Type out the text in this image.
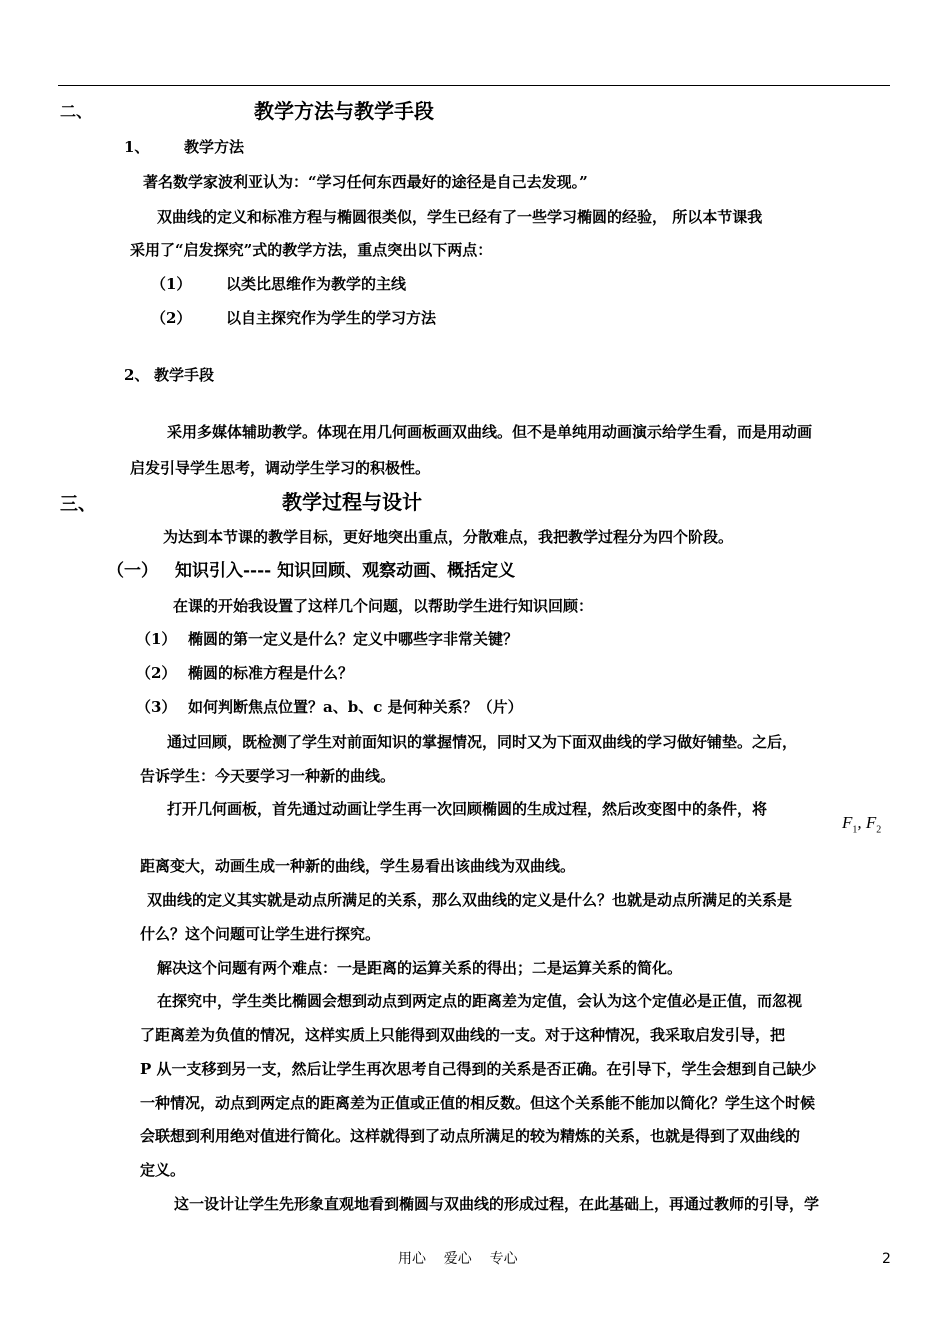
二、	教学方法与教学手段
1、 教学方法
著名数学家波利亚认为：“学习任何东西最好的途径是自己去发现。”
双曲线的定义和标准方程与椭圆很类似，学生已经有了一些学习椭圆的经验， 所以本节课我
采用了“启发探究”式的教学方法，重点突出以下两点：
（1） 以类比思维作为教学的主线
（2） 以自主探究作为学生的学习方法
2、 教学手段
采用多媒体辅助教学。体现在用几何画板画双曲线。但不是单纯用动画演示给学生看，而是用动画
启发引导学生思考，调动学生学习的积极性。
三、	教学过程与设计
为达到本节课的教学目标，更好地突出重点，分散难点，我把教学过程分为四个阶段。
（一） 知识引入---- 知识回顾、观察动画、概括定义
在课的开始我设置了这样几个问题，以帮助学生进行知识回顾：
（1） 椭圆的第一定义是什么？定义中哪些字非常关键？
（2） 椭圆的标准方程是什么？
（3） 如何判断焦点位置？a、b、c 是何种关系？（片）
通过回顾，既检测了学生对前面知识的掌握情况，同时又为下面双曲线的学习做好铺垫。之后，
告诉学生：今天要学习一种新的曲线。
打开几何画板，首先通过动画让学生再一次回顾椭圆的生成过程，然后改变图中的条件，将
$F_1$, $F_2$
距离变大，动画生成一种新的曲线，学生易看出该曲线为双曲线。
双曲线的定义其实就是动点所满足的关系，那么双曲线的定义是什么？也就是动点所满足的关系是
什么？这个问题可让学生进行探究。
解决这个问题有两个难点：一是距离的运算关系的得出；二是运算关系的简化。
在探究中，学生类比椭圆会想到动点到两定点的距离差为定值，会认为这个定值必是正值，而忽视
了距离差为负值的情况，这样实质上只能得到双曲线的一支。对于这种情况，我采取启发引导，把
P 从一支移到另一支，然后让学生再次思考自己得到的关系是否正确。在引导下，学生会想到自己缺少
一种情况，动点到两定点的距离差为正值或正值的相反数。但这个关系能不能加以简化？学生这个时候
会联想到利用绝对值进行简化。这样就得到了动点所满足的较为精炼的关系，也就是得到了双曲线的
定义。
这一设计让学生先形象直观地看到椭圆与双曲线的形成过程，在此基础上，再通过教师的引导，学
用心    爱心    专心	2
